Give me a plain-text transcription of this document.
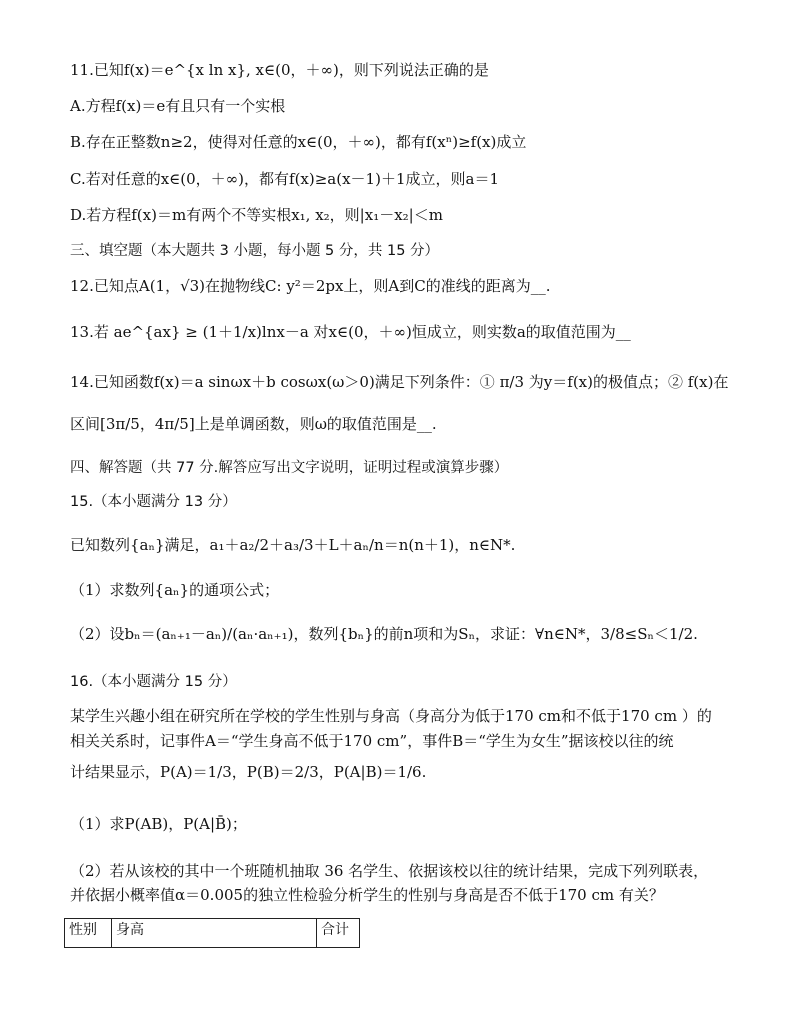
11.已知f(x)＝e^{x ln x}, x∈(0，＋∞)，则下列说法正确的是
A.方程f(x)＝e有且只有一个实根
B.存在正整数n≥2，使得对任意的x∈(0，＋∞)，都有f(xⁿ)≥f(x)成立
C.若对任意的x∈(0，＋∞)，都有f(x)≥a(x－1)＋1成立，则a＝1
D.若方程f(x)＝m有两个不等实根x₁, x₂，则|x₁－x₂|＜m
三、填空题（本大题共 3 小题，每小题 5 分，共 15 分）
12.已知点A(1，√3)在抛物线C: y²＝2px上，则A到C的准线的距离为__.
13.若 ae^{ax} ≥ (1＋1/x)lnx－a 对x∈(0，＋∞)恒成立，则实数a的取值范围为__
14.已知函数f(x)＝a sinωx＋b cosωx(ω＞0)满足下列条件：① π/3 为y＝f(x)的极值点；② f(x)在
区间[3π/5，4π/5]上是单调函数，则ω的取值范围是__.
四、解答题（共 77 分.解答应写出文字说明，证明过程或演算步骤）
15.（本小题满分 13 分）
已知数列{aₙ}满足，a₁＋a₂/2＋a₃/3＋L＋aₙ/n＝n(n＋1)，n∈N*.
（1）求数列{aₙ}的通项公式；
（2）设bₙ＝(aₙ₊₁－aₙ)/(aₙ·aₙ₊₁)，数列{bₙ}的前n项和为Sₙ，求证：∀n∈N*，3/8≤Sₙ＜1/2.
16.（本小题满分 15 分）
某学生兴趣小组在研究所在学校的学生性别与身高（身高分为低于170 cm和不低于170 cm ）的
相关关系时，记事件A＝“学生身高不低于170 cm”，事件B＝“学生为女生”据该校以往的统
计结果显示，P(A)＝1/3，P(B)＝2/3，P(A|B)＝1/6.
（1）求P(AB)，P(A|B̄)；
（2）若从该校的其中一个班随机抽取 36 名学生、依据该校以往的统计结果，完成下列列联表，
并依据小概率值α＝0.005的独立性检验分析学生的性别与身高是否不低于170 cm 有关？
性别	身高	合计
